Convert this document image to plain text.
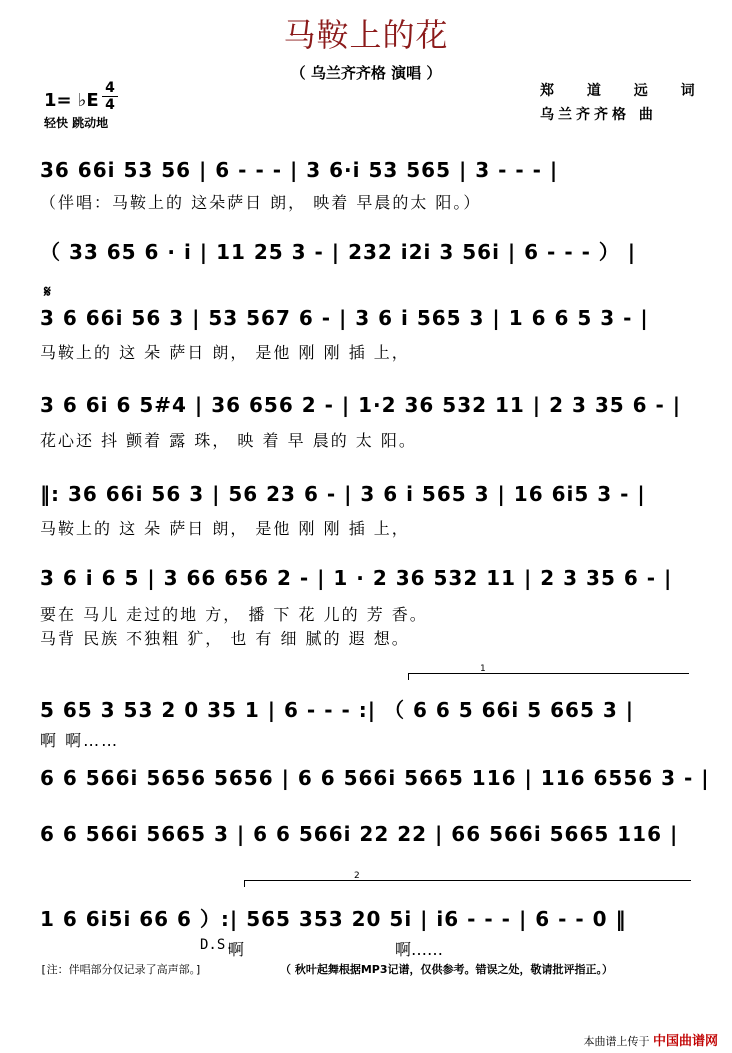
马鞍上的花
（ 乌兰齐齐格 演唱 ）
郑 道 远 词
乌兰齐齐格 曲
1= ♭E
4
4
轻快 跳动地
𝄋
36 66i 53 56 | 6 - - - | 3 6·i 53 565 | 3 - - - |
（伴唱：马鞍上的 这朵萨日 朗， 映着 早晨的太 阳。）
（ 33 65 6 · i | 11 25 3 - | 232 i2i 3 56i | 6 - - - ） |
3 6 66i 56 3 | 53 567 6 - | 3 6 i 565 3 | 1 6 6 5 3 - |
马鞍上的 这 朵 萨日 朗， 是他 刚 刚 插 上，
3 6 6i 6 5#4 | 36 656 2 - | 1·2 36 532 11 | 2 3 35 6 - |
花心还 抖 颤着 露 珠， 映 着 早 晨的 太 阳。
‖: 36 66i 56 3 | 56 23 6 - | 3 6 i 565 3 | 16 6i5 3 - |
马鞍上的 这 朵 萨日 朗， 是他 刚 刚 插 上，
3 6 i 6 5 | 3 66 656 2 - | 1 · 2 36 532 11 | 2 3 35 6 - |
要在 马儿 走过的地 方， 播 下 花 儿的 芳 香。
马背 民族 不独粗 犷， 也 有 细 腻的 遐 想。
1
5 65 3 53 2 0 35 1 | 6 - - - :| （ 6 6 5 66i 5 665 3 |
啊 啊……
6 6 566i 5656 5656 | 6 6 566i 5665 116 | 116 6556 3 - |
6 6 566i 5665 3 | 6 6 566i 22 22 | 66 566i 5665 116 |
2
1 6 6i5i 66 6 ）:| 565 353 20 5i | i6 - - - | 6 - - 0 ‖
D.S.
啊	啊……
[注：伴唱部分仅记录了高声部。]	（ 秋叶起舞根据MP3记谱，仅供参考。错误之处，敬请批评指正。）
本曲谱上传于 中国曲谱网
